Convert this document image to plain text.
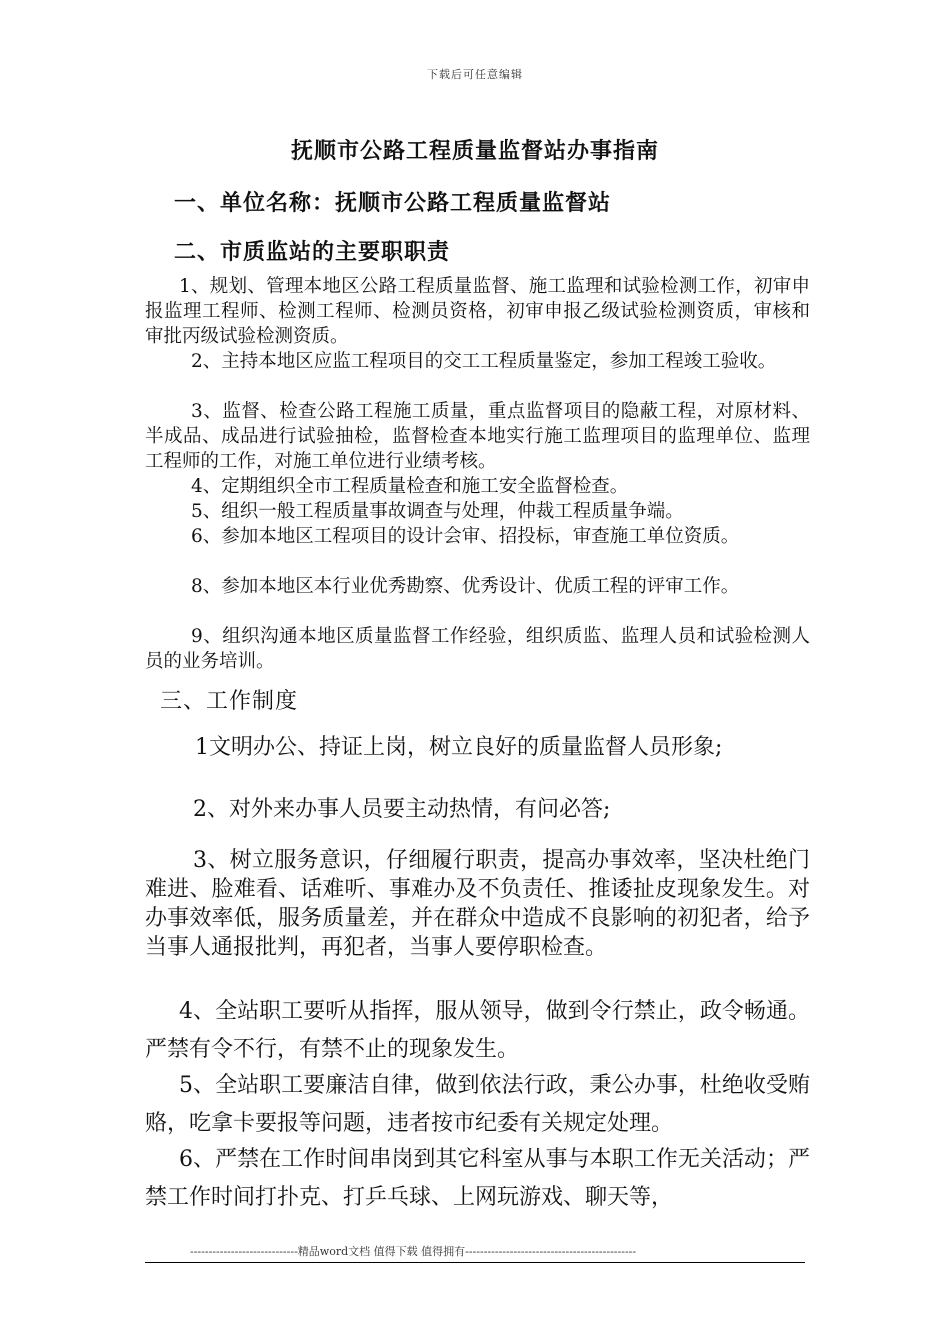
下载后可任意编辑
抚顺市公路工程质量监督站办事指南
一、单位名称：抚顺市公路工程质量监督站
二、市质监站的主要职职责

1、规划、管理本地区公路工程质量监督、施工监理和试验检测工作，初审申报监理工程师、检测工程师、检测员资格，初审申报乙级试验检测资质，审核和审批丙级试验检测资质。

2、主持本地区应监工程项目的交工工程质量鉴定，参加工程竣工验收。

3、监督、检查公路工程施工质量，重点监督项目的隐蔽工程，对原材料、半成品、成品进行试验抽检，监督检查本地实行施工监理项目的监理单位、监理工程师的工作，对施工单位进行业绩考核。

4、定期组织全市工程质量检查和施工安全监督检查。

5、组织一般工程质量事故调查与处理，仲裁工程质量争端。

6、参加本地区工程项目的设计会审、招投标，审查施工单位资质。

8、参加本地区本行业优秀勘察、优秀设计、优质工程的评审工作。

9、组织沟通本地区质量监督工作经验，组织质监、监理人员和试验检测人员的业务培训。

三、工作制度

1文明办公、持证上岗，树立良好的质量监督人员形象;

2、对外来办事人员要主动热情，有问必答;

3、树立服务意识，仔细履行职责，提高办事效率，坚决杜绝门难进、脸难看、话难听、事难办及不负责任、推诿扯皮现象发生。对办事效率低，服务质量差，并在群众中造成不良影响的初犯者，给予当事人通报批判，再犯者，当事人要停职检查。

4、全站职工要听从指挥，服从领导，做到令行禁止，政令畅通。严禁有令不行，有禁不止的现象发生。

5、全站职工要廉洁自律，做到依法行政，秉公办事，杜绝收受贿赂，吃拿卡要报等问题，违者按市纪委有关规定处理。

6、严禁在工作时间串岗到其它科室从事与本职工作无关活动；严禁工作时间打扑克、打乒乓球、上网玩游戏、聊天等，

-----------------------------精品word文档 值得下载 值得拥有----------------------------------------------
